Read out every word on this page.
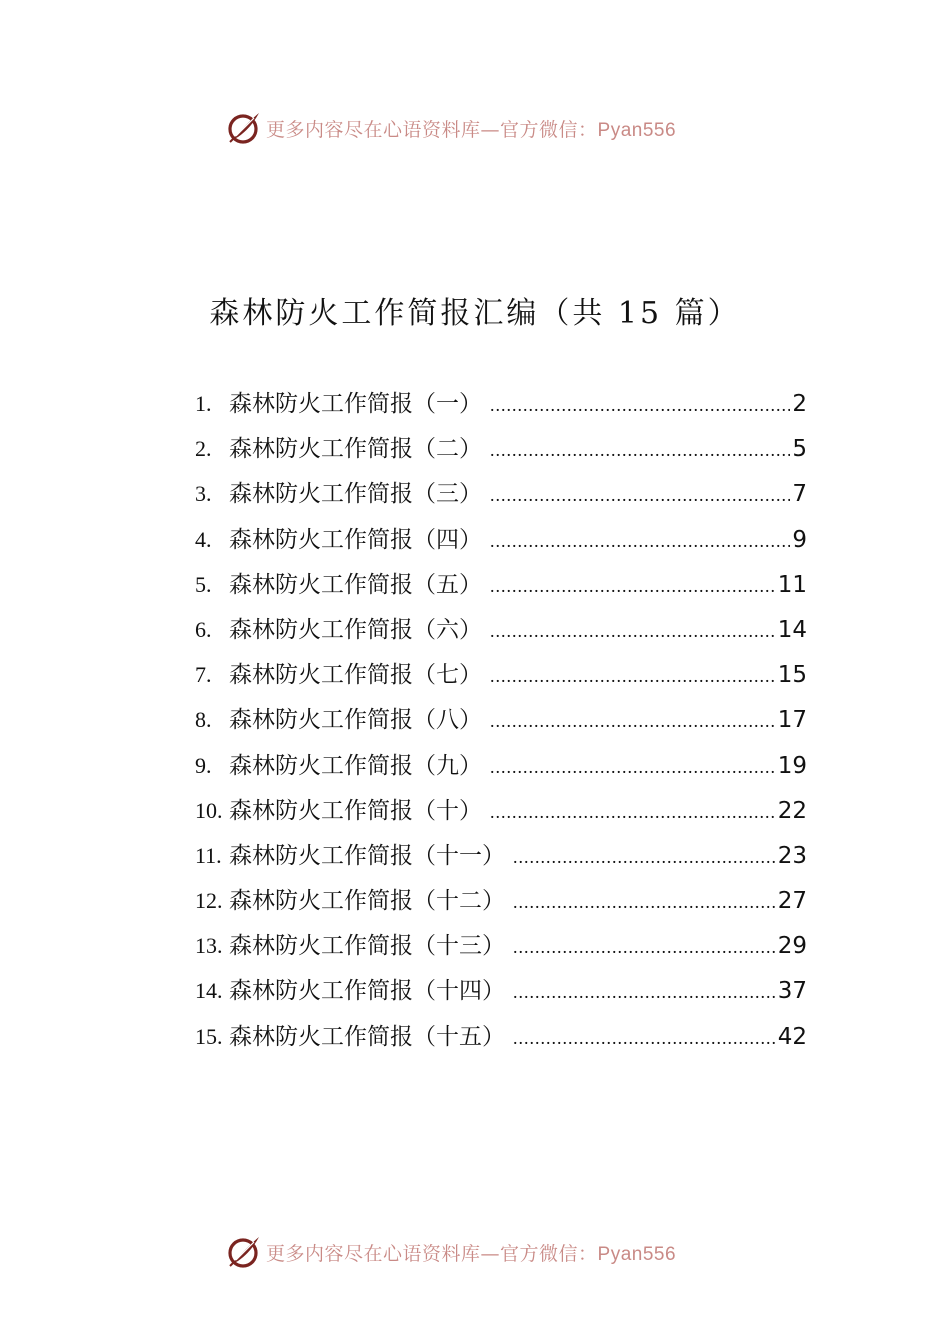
更多内容尽在心语资料库—官方微信：Pyan556
森林防火工作简报汇编（共 15 篇）
1. 森林防火工作简报（一） .....	2
2. 森林防火工作简报（二） .....	5
3. 森林防火工作简报（三） .....	7
4. 森林防火工作简报（四） .....	9
5. 森林防火工作简报（五） .....	11
6. 森林防火工作简报（六） .....	14
7. 森林防火工作简报（七） .....	15
8. 森林防火工作简报（八） .....	17
9. 森林防火工作简报（九） .....	19
10. 森林防火工作简报（十） .....	22
11. 森林防火工作简报（十一） .....	23
12. 森林防火工作简报（十二） .....	27
13. 森林防火工作简报（十三） .....	29
14. 森林防火工作简报（十四） .....	37
15. 森林防火工作简报（十五） .....	42
更多内容尽在心语资料库—官方微信：Pyan556
